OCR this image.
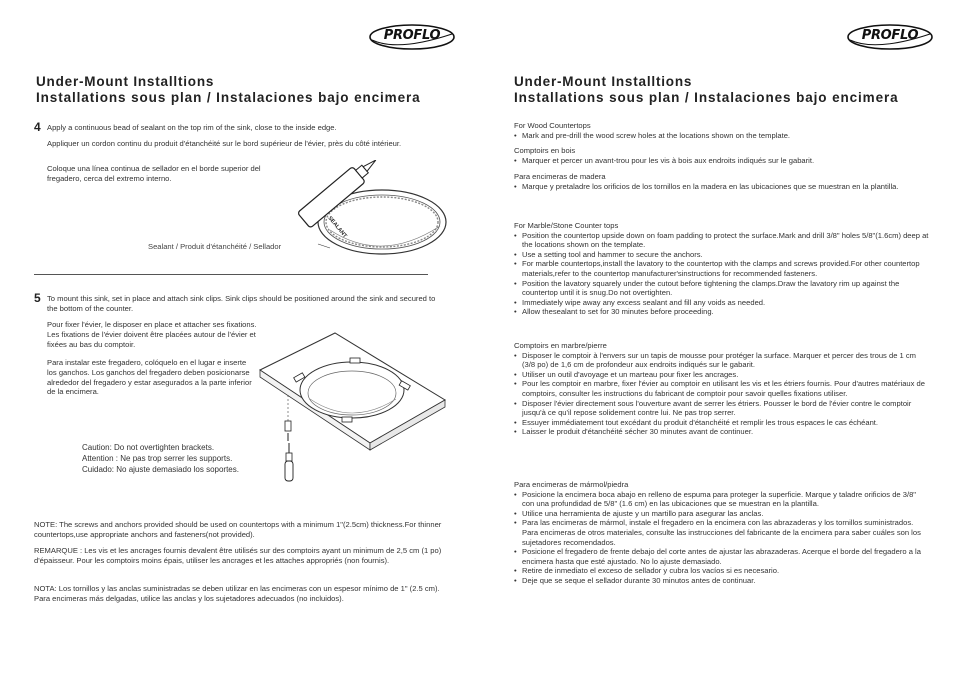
PROFLO
Under-Mount Installtions
Installations sous plan / Instalaciones bajo encimera
4 Apply a continuous bead of sealant on the top rim of the sink, close to the inside edge.
Appliquer un cordon continu du produit d'étanchéité sur le bord supérieur de l'évier, près du côté intérieur.
Coloque una línea continua de sellador en el borde superior del fregadero, cerca del extremo interno.
SEALANT
Sealant / Produit d'étanchéité / Sellador
5 To mount this sink, set in place and attach sink clips. Sink clips should be positioned around the sink and secured to the bottom of the counter.
Pour fixer l'évier, le disposer en place et attacher ses fixations. Les fixations de l'évier doivent être placées autour de l'évier et fixées au bas du comptoir.
Para instalar este fregadero, colóquelo en el lugar e inserte los ganchos. Los ganchos del fregadero deben posicionarse alrededor del fregadero y estar asegurados a la parte inferior de la encimera.

Caution: Do not overtighten brackets.

Attention : Ne pas trop serrer les supports.

Cuidado: No ajuste demasiado los soportes.

NOTE: The screws and anchors provided should be used on countertops with a minimum 1"(2.5cm) thickness.For thinner countertops,use appropriate anchors and fasteners(not provided).
REMARQUE : Les vis et les ancrages fournis devalent être utilisés sur des comptoirs ayant un minimum de 2,5 cm (1 po) d'épaisseur. Pour les comptoirs moins épais, utiliser les ancrages et les attaches appropriés (non fournis).
NOTA: Los tornillos y las anclas suministradas se deben utilizar en las encimeras con un espesor mínimo de 1" (2.5 cm). Para encimeras más delgadas, utilice las anclas y los sujetadores adecuados (no incluidos).
PROFLO
Under-Mount Installtions
Installations sous plan / Instalaciones bajo encimera

For Wood Countertops

• Mark and pre-drill the wood screw holes at the locations shown on the template.

Comptoirs en bois

• Marquer et percer un avant-trou pour les vis à bois aux endroits indiqués sur le gabarit.

Para encimeras de madera

• Marque y pretaladre los orificios de los tornillos en la madera en las ubicaciones que se muestran en la plantilla.

For Marble/Stone Counter tops

• Position the countertop upside down on foam padding to protect the surface.Mark and drill 3/8" holes 5/8"(1.6cm) deep at the locations shown on the template.
• Use a setting tool and hammer to secure the anchors.
• For marble countertops,install the lavatory to the countertop with the clamps and screws provided.For other countertop materials,refer to the countertop manufacturer'sinstructions for recommended fasteners.
• Position the lavatory squarely under the cutout before tightening the clamps.Draw the lavatory rim up against the countertop until it is snug.Do not overtighten.
• Immediately wipe away any excess sealant and fill any voids as needed.
• Allow thesealant to set for 30 minutes before proceeding.

Comptoirs en marbre/pierre

• Disposer le comptoir à l'envers sur un tapis de mousse pour protéger la surface. Marquer et percer des trous de 1 cm (3/8 po) de 1,6 cm de profondeur aux endroits indiqués sur le gabarit.
• Utiliser un outil d'avoyage et un marteau pour fixer les ancrages.
• Pour les comptoir en marbre, fixer l'évier au comptoir en utilisant les vis et les étriers fournis. Pour d'autres matériaux de comptoirs, consulter les instructions du fabricant de comptoir pour savoir quelles fixations utiliser.
• Disposer l'évier directement sous l'ouverture avant de serrer les étriers. Pousser le bord de l'évier contre le comptoir jusqu'à ce qu'il repose solidement contre lui. Ne pas trop serrer.
• Essuyer immédiatement tout excédant du produit d'étanchéité et remplir les trous espaces le cas échéant.
• Laisser le produit d'étanchéité sécher 30 minutes avant de continuer.

Para encimeras de mármol/piedra

• Posicione la encimera boca abajo en relleno de espuma para proteger la superficie. Marque y taladre orificios de 3/8" con una profundidad de 5/8" (1.6 cm) en las ubicaciones que se muestran en la plantilla.
• Utilice una herramienta de ajuste y un martillo para asegurar las anclas.
• Para las encimeras de mármol, instale el fregadero en la encimera con las abrazaderas y los tornillos suministrados. Para encimeras de otros materiales, consulte las instrucciones del fabricante de la encimera para saber cuáles son los sujetadores recomendados.
• Posicione el fregadero de frente debajo del corte antes de ajustar las abrazaderas. Acerque el borde del fregadero a la encimera hasta que esté ajustado. No lo ajuste demasiado.
• Retire de inmediato el exceso de sellador y cubra los vacíos si es necesario.
• Deje que se seque el sellador durante 30 minutos antes de continuar.
